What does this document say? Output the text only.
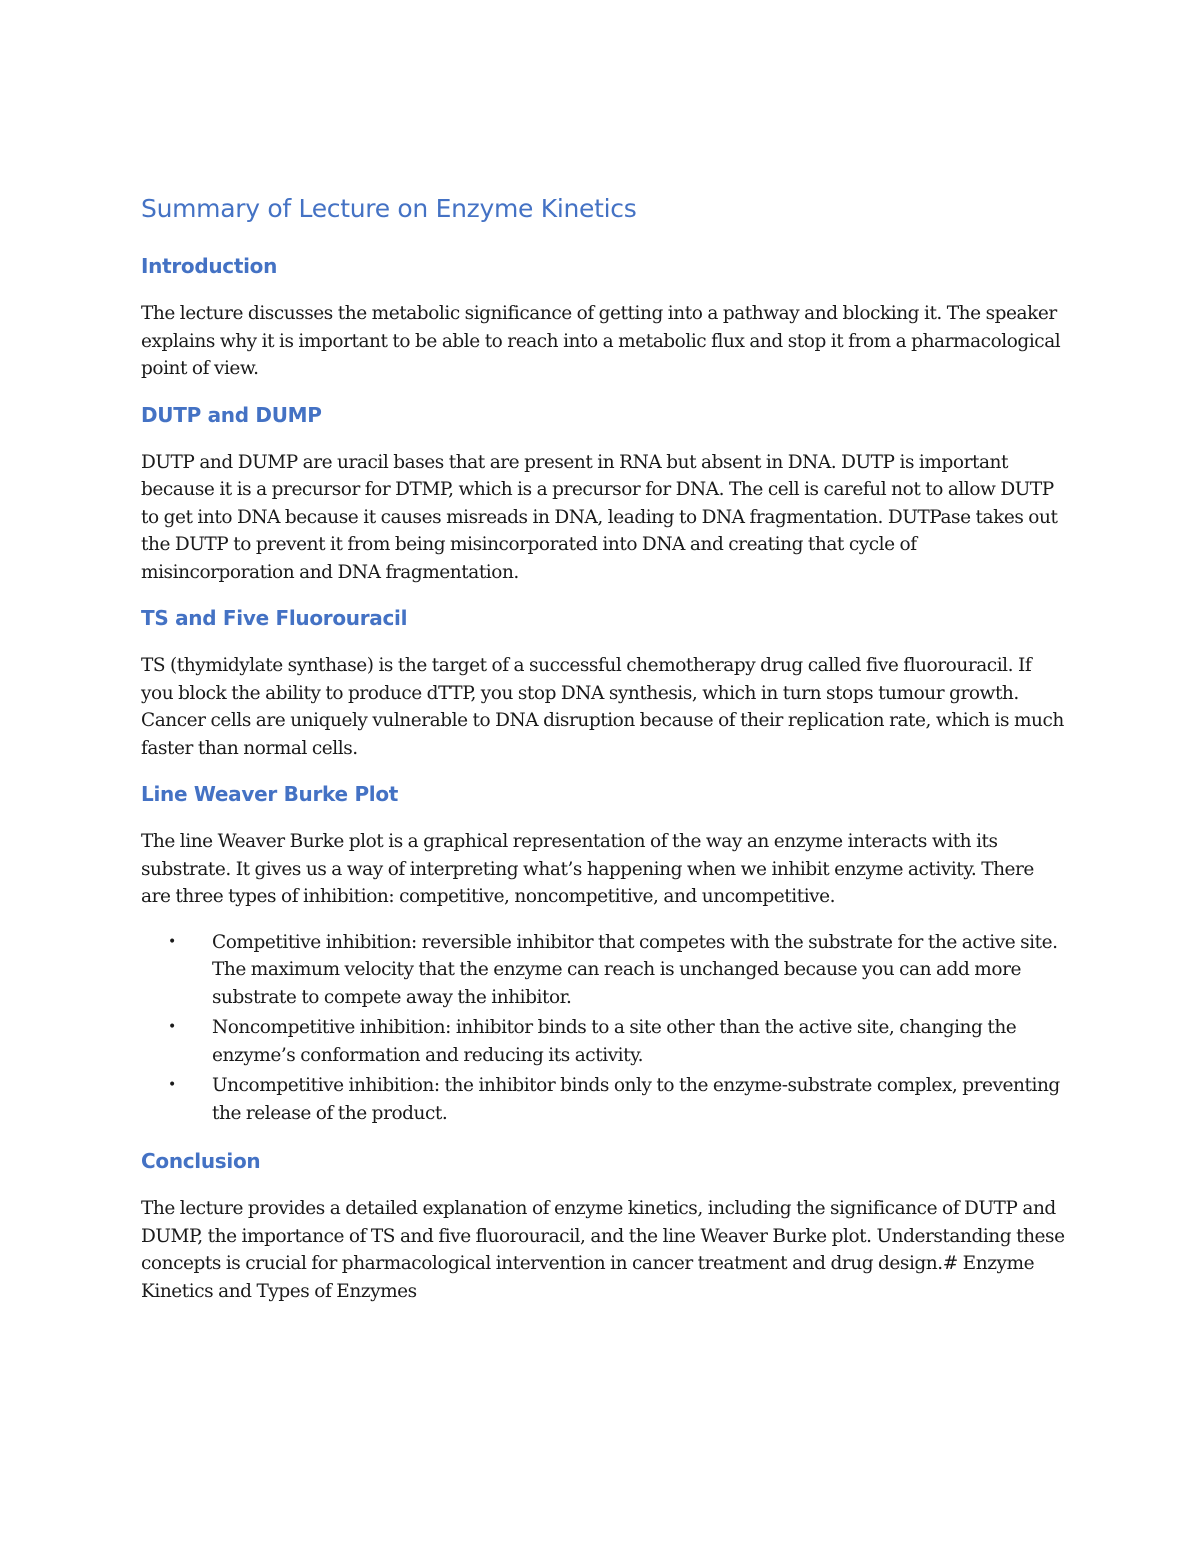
Summary of Lecture on Enzyme Kinetics
Introduction

The lecture discusses the metabolic significance of getting into a pathway and blocking it. The speaker explains why it is important to be able to reach into a metabolic flux and stop it from a pharmacological point of view.

DUTP and DUMP

DUTP and DUMP are uracil bases that are present in RNA but absent in DNA. DUTP is important because it is a precursor for DTMP, which is a precursor for DNA. The cell is careful not to allow DUTP to get into DNA because it causes misreads in DNA, leading to DNA fragmentation. DUTPase takes out the DUTP to prevent it from being misincorporated into DNA and creating that cycle of misincorporation and DNA fragmentation.

TS and Five Fluorouracil

TS (thymidylate synthase) is the target of a successful chemotherapy drug called five fluorouracil. If you block the ability to produce dTTP, you stop DNA synthesis, which in turn stops tumour growth. Cancer cells are uniquely vulnerable to DNA disruption because of their replication rate, which is much faster than normal cells.

Line Weaver Burke Plot

The line Weaver Burke plot is a graphical representation of the way an enzyme interacts with its substrate. It gives us a way of interpreting what’s happening when we inhibit enzyme activity. There are three types of inhibition: competitive, noncompetitive, and uncompetitive.

• Competitive inhibition: reversible inhibitor that competes with the substrate for the active site. The maximum velocity that the enzyme can reach is unchanged because you can add more substrate to compete away the inhibitor.
• Noncompetitive inhibition: inhibitor binds to a site other than the active site, changing the enzyme’s conformation and reducing its activity.
• Uncompetitive inhibition: the inhibitor binds only to the enzyme-substrate complex, preventing the release of the product.
Conclusion

The lecture provides a detailed explanation of enzyme kinetics, including the significance of DUTP and DUMP, the importance of TS and five fluorouracil, and the line Weaver Burke plot. Understanding these concepts is crucial for pharmacological intervention in cancer treatment and drug design.# Enzyme Kinetics and Types of Enzymes
